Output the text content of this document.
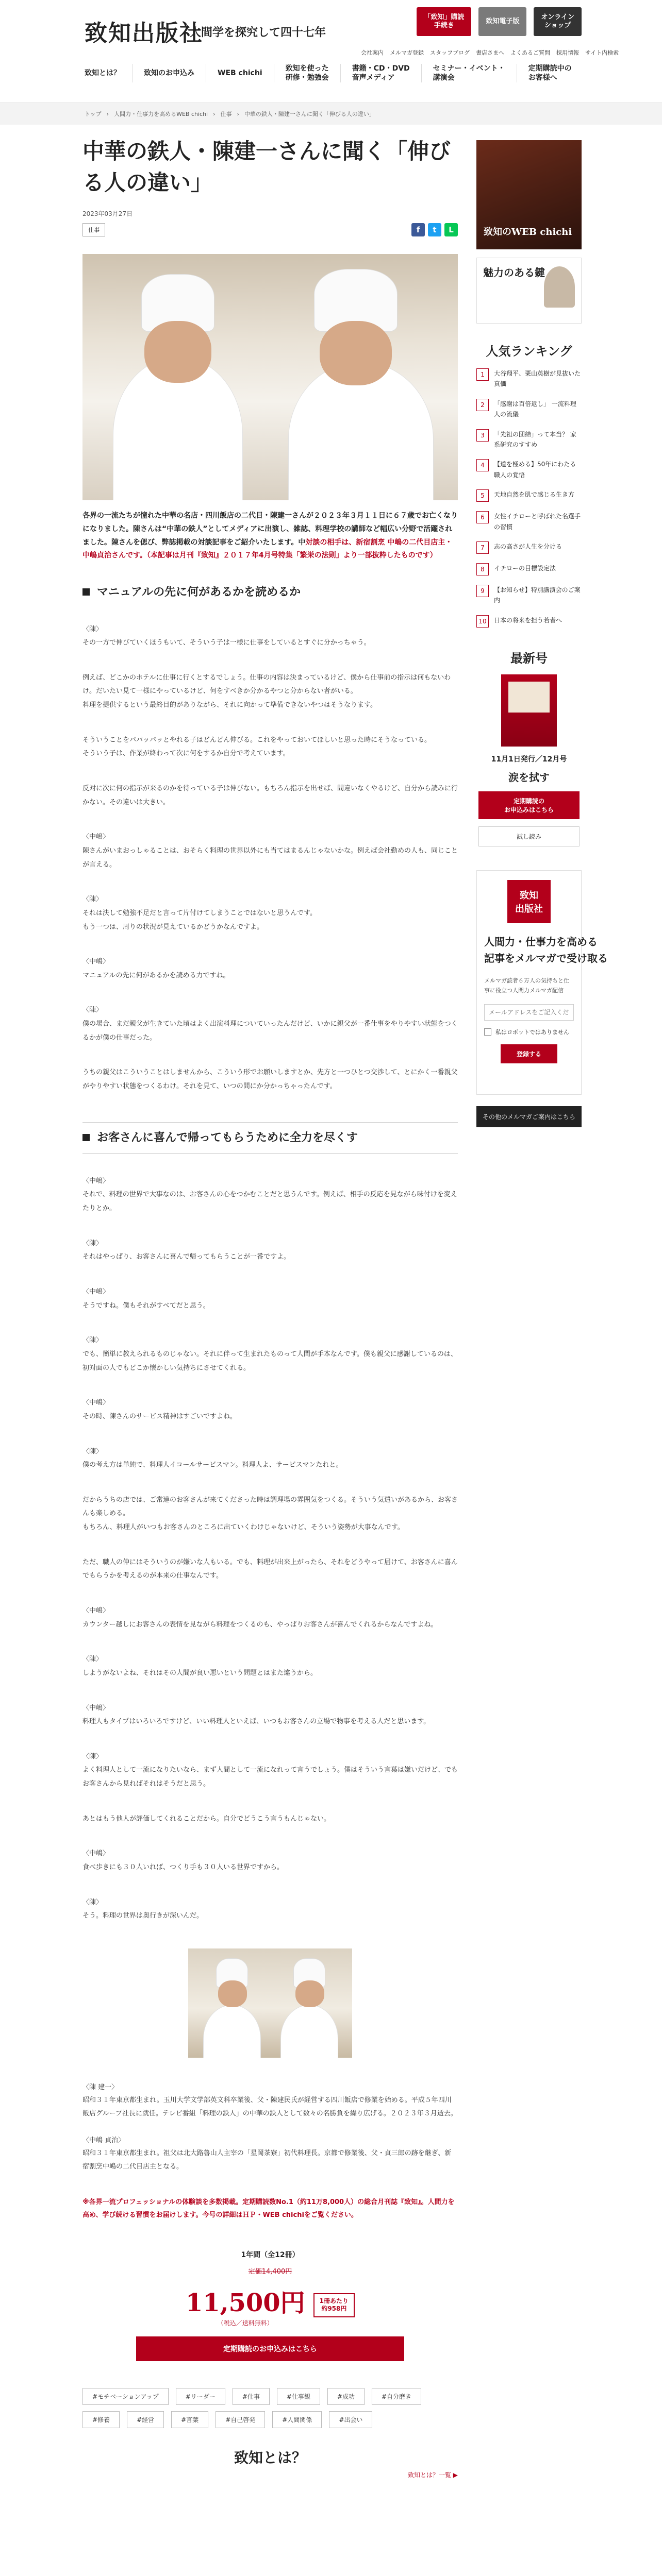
致知出版社
人間学を探究して四十七年
「致知」購読
手続き
致知電子版
オンライン
ショップ
会社案内 メルマガ登録 スタッフブログ 書店さまへ よくあるご質問 採用情報 サイト内検索
致知とは？	致知のお申込み	WEB chichi
致知を使った
研修・勉強会
書籍・CD・DVD
音声メディア
セミナー・イベント・
講演会
定期購読中の
お客様へ
トップ › 人間力・仕事力を高めるWEB chichi › 仕事 › 中華の鉄人・陳建一さんに聞く「伸びる人の違い」
中華の鉄人・陳建一さんに聞く「伸びる人の違い」
2023年03月27日
仕事	f	t	L

各界の一流たちが憧れた中華の名店・四川飯店の二代目・陳建一さんが２０２３年３月１１日に６７歳でお亡くなりになりました。陳さんは“中華の鉄人”としてメディアに出演し、雑誌、料理学校の講師など幅広い分野で活躍されました。陳さんを偲び、弊誌掲載の対談記事をご紹介いたします。中対談の相手は、新宿割烹 中嶋の二代目店主・中嶋貞治さんです。（本記事は月刊『致知』２０１７年4月号特集「繁栄の法則」より一部抜粋したものです）

マニュアルの先に何があるかを読めるか

〈陳〉
その一方で伸びていくほうもいて、そういう子は一様に仕事をしているとすぐに分かっちゃう。

例えば、どこかのホテルに仕事に行くとするでしょう。仕事の内容は決まっているけど、僕から仕事前の指示は何もないわけ。だいたい見て一様にやっているけど、何をすべきか分かるやつと分からない者がいる。
料理を提供するという最終目的がありながら、それに向かって準備できないやつはそうなります。

そういうことをパパッパッとやれる子はどんどん伸びる。これをやっておいてほしいと思った時にそうなっている。
そういう子は、作業が終わって次に何をするか自分で考えています。

反対に次に何の指示が来るのかを待っている子は伸びない。もちろん指示を出せば、間違いなくやるけど、自分から読みに行かない。その違いは大きい。

〈中嶋〉
陳さんがいまおっしゃることは、おそらく料理の世界以外にも当てはまるんじゃないかな。例えば会社勤めの人も、同じことが言える。

〈陳〉
それは決して勉強不足だと言って片付けてしまうことではないと思うんです。
もう一つは、周りの状況が見えているかどうかなんですよ。

〈中嶋〉
マニュアルの先に何があるかを読める力ですね。

〈陳〉
僕の場合、まだ親父が生きていた頃はよく出演料理についていったんだけど、いかに親父が一番仕事をやりやすい状態をつくるかが僕の仕事だった。

うちの親父はこういうことはしませんから、こういう形でお願いしますとか、先方と一つひとつ交渉して、とにかく一番親父がやりやすい状態をつくるわけ。それを見て、いつの間にか分かっちゃったんです。

お客さんに喜んで帰ってもらうために全力を尽くす

〈中嶋〉
それで、料理の世界で大事なのは、お客さんの心をつかむことだと思うんです。例えば、相手の反応を見ながら味付けを変えたりとか。

〈陳〉
それはやっぱり、お客さんに喜んで帰ってもらうことが一番ですよ。

〈中嶋〉
そうですね。僕もそれがすべてだと思う。

〈陳〉
でも、簡単に教えられるものじゃない。それに伴って生まれたものって人間が手本なんです。僕も親父に感謝しているのは、初対面の人でもどこか懐かしい気持ちにさせてくれる。

〈中嶋〉
その時、陳さんのサービス精神はすごいですよね。

〈陳〉
僕の考え方は単純で、料理人イコールサービスマン。料理人よ、サービスマンたれと。

だからうちの店では、ご常連のお客さんが来てくださった時は調理場の雰囲気をつくる。そういう気遣いがあるから、お客さんも楽しめる。
もちろん、料理人がいつもお客さんのところに出ていくわけじゃないけど、そういう姿勢が大事なんです。

ただ、職人の仲にはそういうのが嫌いな人もいる。でも、料理が出来上がったら、それをどうやって届けて、お客さんに喜んでもらうかを考えるのが本来の仕事なんです。

〈中嶋〉
カウンター越しにお客さんの表情を見ながら料理をつくるのも、やっぱりお客さんが喜んでくれるからなんですよね。

〈陳〉
しようがないよね、それはその人間が良い悪いという問題とはまた違うから。

〈中嶋〉
料理人もタイプはいろいろですけど、いい料理人といえば、いつもお客さんの立場で物事を考える人だと思います。

〈陳〉
よく料理人として一流になりたいなら、まず人間として一流になれって言うでしょう。僕はそういう言葉は嫌いだけど、でもお客さんから見ればそれはそうだと思う。

あとはもう他人が評価してくれることだから。自分でどうこう言うもんじゃない。

〈中嶋〉
食べ歩きにも３０人いれば、つくり手も３０人いる世界ですから。

〈陳〉
そう。料理の世界は奥行きが深いんだ。

〈陳 建一〉
昭和３１年東京都生まれ。玉川大学文学部英文科卒業後、父・陳建民氏が経営する四川飯店で修業を始める。平成５年四川飯店グループ社長に就任。テレビ番組「料理の鉄人」の中華の鉄人として数々の名勝負を繰り広げる。２０２３年３月逝去。

〈中嶋 貞治〉
昭和３１年東京都生まれ。祖父は北大路魯山人主宰の「星岡茶寮」初代料理長。京都で修業後、父・貞三郎の跡を継ぎ、新宿割烹中嶋の二代目店主となる。

※各界一流プロフェッショナルの体験談を多数掲載。定期購読数No.1（約11万8,000人）の総合月刊誌『致知』。人間力を高め、学び続ける習慣をお届けします。今号の詳細はＨＰ・WEB chichiをご覧ください。

1年間（全12冊）
定価14,400円
11,500円
（税込／送料無料）
1冊あたり
約958円
定期購読のお申込みはこちら
#モチベーションアップ	#リーダー	#仕事	#仕事観	#成功	#自分磨き
#修養	#経営	#言葉	#自己啓発	#人間関係	#出会い
致知とは？
致知とは？一覧 ▶
致知のWEB chichi
魅力のある鍵
人気ランキング
1	大谷翔平、栗山英樹が見抜いた真価
2	「感謝は百倍返し」 一流料理人の流儀
3	「先祖の団結」って本当？ 家系研究のすすめ
4	【道を極める】50年にわたる職人の覚悟
5	天地自然を肌で感じる生き方
6	女性イチローと呼ばれた名選手の習慣
7	志の高さが人生を分ける
8	イチローの目標設定法
9	【お知らせ】特別講演会のご案内
10	日本の将来を担う若者へ
最新号
11月1日発行／12月号
涙を拭す
定期購読の
お申込みはこちら
試し読み
致知
出版社
人間力・仕事力を高める
記事をメルマガで受け取る
メルマガ読者６万人の気持ちと仕事に役立つ人間力メルマガ配信
メールアドレスをご記入ください
私はロボットではありません
登録する
その他のメルマガご案内はこちら
